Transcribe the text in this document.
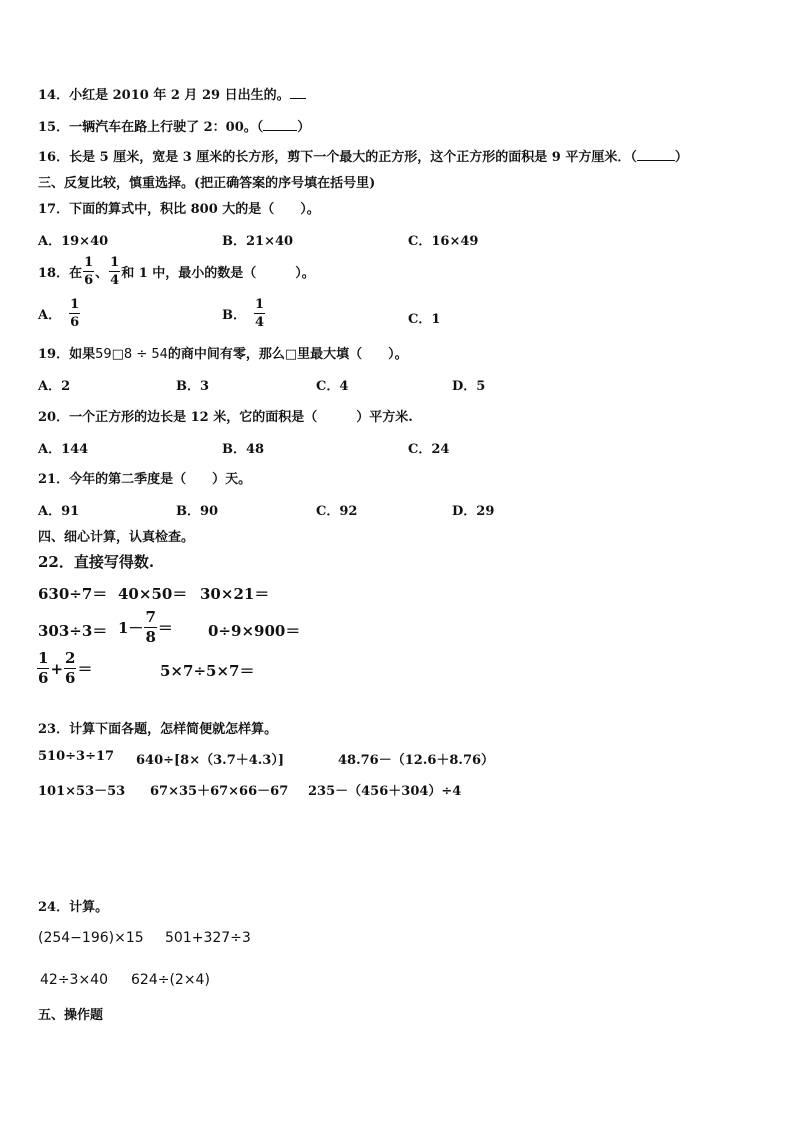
14．小红是 2010 年 2 月 29 日出生的。
15．一辆汽车在路上行驶了 2：00。（	）
16．长是 5 厘米，宽是 3 厘米的长方形，剪下一个最大的正方形，这个正方形的面积是 9 平方厘米．（	）
三、反复比较，慎重选择。(把正确答案的序号填在括号里)
17．下面的算式中，积比 800 大的是（　　）。
A．19×40	B．21×40	C．16×49
18．在 $\frac{1}{6}$ 、 $\frac{1}{4}$ 和 1 中，最小的数是（　　　）。
A． $\frac{1}{6}$	B． $\frac{1}{4}$	C．1
19．如果59□8 ÷ 54的商中间有零，那么□里最大填（　　）。
A．2	B．3	C．4	D．5
20．一个正方形的边长是 12 米，它的面积是（　　　）平方米.
A．144	B．48	C．24
21．今年的第二季度是（　　）天。
A．91	B．90	C．92	D．29
四、细心计算，认真检查。
22．直接写得数.
630÷7＝ 40×50＝ 30×21＝
$303\div 3= 1- \frac{7}{8} = 0\div 9\times 900=$
$\frac{1}{6} + \frac{2}{6}$ ＝	5×7÷5×7＝
23．计算下面各题，怎样简便就怎样算。
510÷3÷17 640÷[8×（3.7＋4.3）]	48.76－（12.6＋8.76）
101×53－53 67×35＋67×66－67 235－（456＋304）÷4
24．计算。
(254−196)×15 501+327÷3
42÷3×40 624÷(2×4)
五、操作题
